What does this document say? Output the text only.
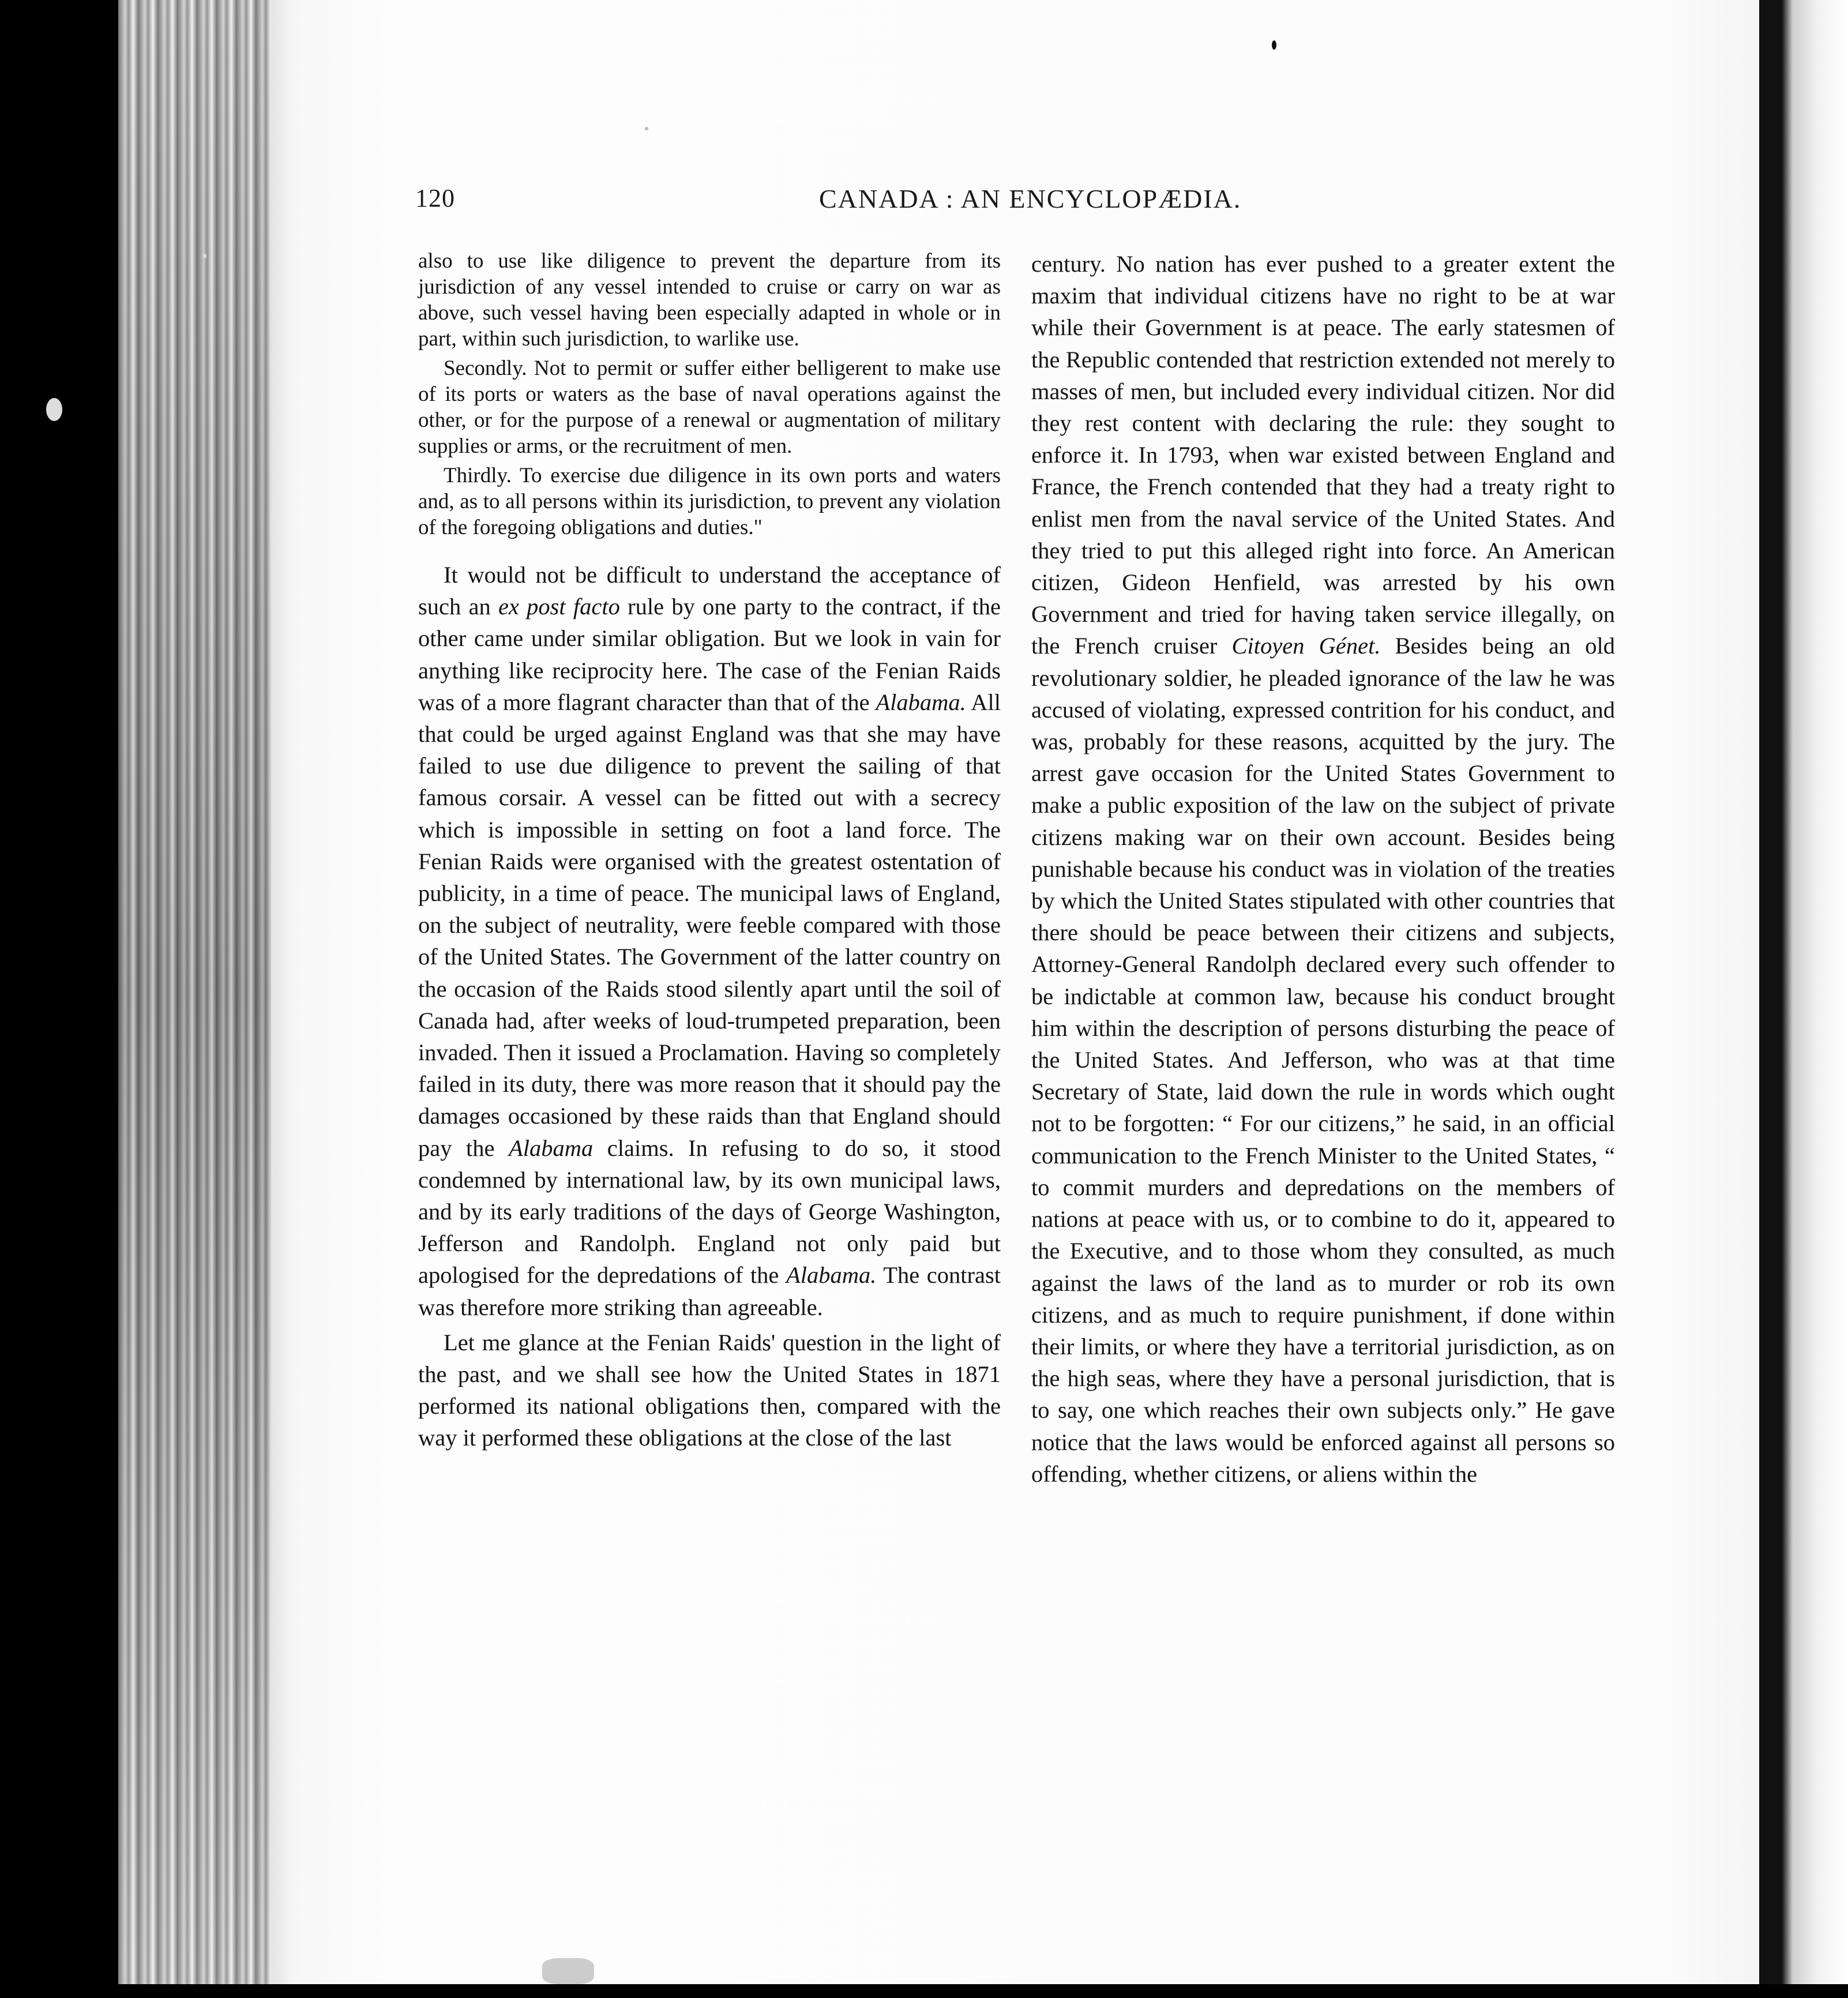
120	CANADA : AN ENCYCLOPÆDIA.

also to use like diligence to prevent the departure from its jurisdiction of any vessel intended to cruise or carry on war as above, such vessel having been especially adapted in whole or in part, within such jurisdiction, to warlike use.

Secondly. Not to permit or suffer either belligerent to make use of its ports or waters as the base of naval operations against the other, or for the purpose of a renewal or augmentation of military supplies or arms, or the recruitment of men.

Thirdly. To exercise due diligence in its own ports and waters and, as to all persons within its jurisdiction, to prevent any violation of the foregoing obligations and duties."

It would not be difficult to understand the acceptance of such an ex post facto rule by one party to the contract, if the other came under similar obligation. But we look in vain for anything like reciprocity here. The case of the Fenian Raids was of a more flagrant character than that of the Alabama. All that could be urged against England was that she may have failed to use due diligence to prevent the sailing of that famous corsair. A vessel can be fitted out with a secrecy which is impossible in setting on foot a land force. The Fenian Raids were organised with the greatest ostentation of publicity, in a time of peace. The municipal laws of England, on the subject of neutrality, were feeble compared with those of the United States. The Government of the latter country on the occasion of the Raids stood silently apart until the soil of Canada had, after weeks of loud-trumpeted preparation, been invaded. Then it issued a Proclamation. Having so completely failed in its duty, there was more reason that it should pay the damages occasioned by these raids than that England should pay the Alabama claims. In refusing to do so, it stood condemned by international law, by its own municipal laws, and by its early traditions of the days of George Washington, Jefferson and Randolph. England not only paid but apologised for the depredations of the Alabama. The contrast was therefore more striking than agreeable.

Let me glance at the Fenian Raids' question in the light of the past, and we shall see how the United States in 1871 performed its national obligations then, compared with the way it performed these obligations at the close of the last

century. No nation has ever pushed to a greater extent the maxim that individual citizens have no right to be at war while their Government is at peace. The early statesmen of the Republic contended that restriction extended not merely to masses of men, but included every individual citizen. Nor did they rest content with declaring the rule: they sought to enforce it. In 1793, when war existed between England and France, the French contended that they had a treaty right to enlist men from the naval service of the United States. And they tried to put this alleged right into force. An American citizen, Gideon Henfield, was arrested by his own Government and tried for having taken service illegally, on the French cruiser Citoyen Génet. Besides being an old revolutionary soldier, he pleaded ignorance of the law he was accused of violating, expressed contrition for his conduct, and was, probably for these reasons, acquitted by the jury. The arrest gave occasion for the United States Government to make a public exposition of the law on the subject of private citizens making war on their own account. Besides being punishable because his conduct was in violation of the treaties by which the United States stipulated with other countries that there should be peace between their citizens and subjects, Attorney-General Randolph declared every such offender to be indictable at common law, because his conduct brought him within the description of persons disturbing the peace of the United States. And Jefferson, who was at that time Secretary of State, laid down the rule in words which ought not to be forgotten: “ For our citizens,” he said, in an official communication to the French Minister to the United States, “ to commit murders and depredations on the members of nations at peace with us, or to combine to do it, appeared to the Executive, and to those whom they consulted, as much against the laws of the land as to murder or rob its own citizens, and as much to require punishment, if done within their limits, or where they have a territorial jurisdiction, as on the high seas, where they have a personal jurisdiction, that is to say, one which reaches their own subjects only.” He gave notice that the laws would be enforced against all persons so offending, whether citizens, or aliens within the
